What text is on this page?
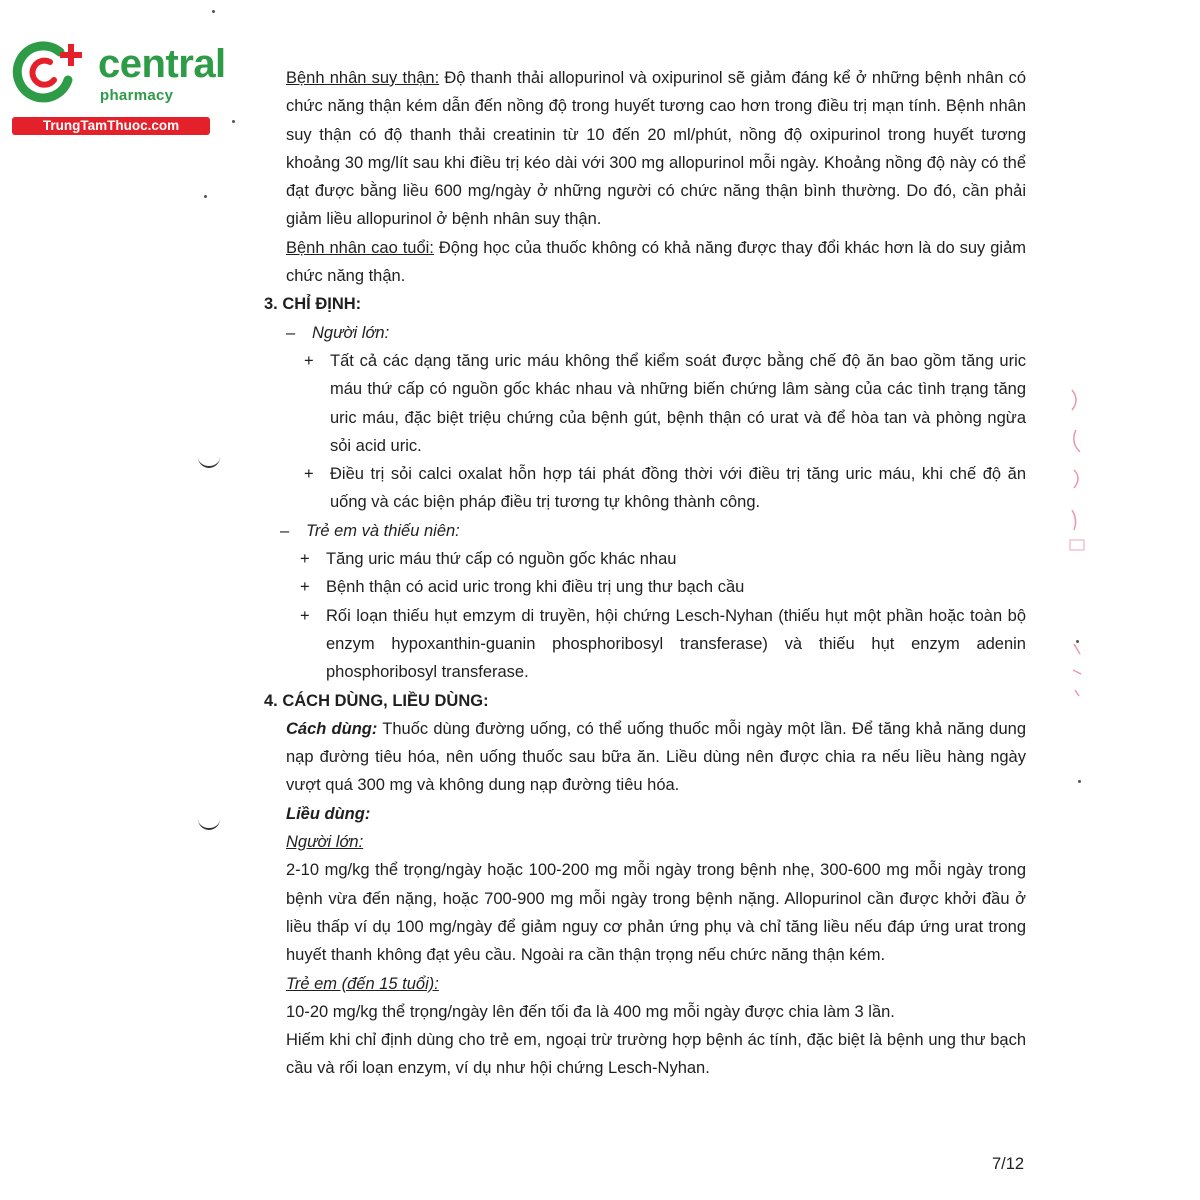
central
pharmacy
TrungTamThuoc.com

Bệnh nhân suy thận: Độ thanh thải allopurinol và oxipurinol sẽ giảm đáng kể ở những bệnh nhân có chức năng thận kém dẫn đến nồng độ trong huyết tương cao hơn trong điều trị mạn tính. Bệnh nhân suy thận có độ thanh thải creatinin từ 10 đến 20 ml/phút, nồng độ oxipurinol trong huyết tương khoảng 30 mg/lít sau khi điều trị kéo dài với 300 mg allopurinol mỗi ngày. Khoảng nồng độ này có thể đạt được bằng liều 600 mg/ngày ở những người có chức năng thận bình thường. Do đó, cần phải giảm liều allopurinol ở bệnh nhân suy thận.

Bệnh nhân cao tuổi: Động học của thuốc không có khả năng được thay đổi khác hơn là do suy giảm chức năng thận.

3. CHỈ ĐỊNH:

–	Người lớn:

+ Tất cả các dạng tăng uric máu không thể kiểm soát được bằng chế độ ăn bao gồm tăng uric máu thứ cấp có nguồn gốc khác nhau và những biến chứng lâm sàng của các tình trạng tăng uric máu, đặc biệt triệu chứng của bệnh gút, bệnh thận có urat và để hòa tan và phòng ngừa sỏi acid uric.

+ Điều trị sỏi calci oxalat hỗn hợp tái phát đồng thời với điều trị tăng uric máu, khi chế độ ăn uống và các biện pháp điều trị tương tự không thành công.

–	Trẻ em và thiếu niên:

+ Tăng uric máu thứ cấp có nguồn gốc khác nhau

+ Bệnh thận có acid uric trong khi điều trị ung thư bạch cầu

+ Rối loạn thiếu hụt emzym di truyền, hội chứng Lesch-Nyhan (thiếu hụt một phần hoặc toàn bộ enzym hypoxanthin-guanin phosphoribosyl transferase) và thiếu hụt enzym adenin phosphoribosyl transferase.

4. CÁCH DÙNG, LIỀU DÙNG:

Cách dùng: Thuốc dùng đường uống, có thể uống thuốc mỗi ngày một lần. Để tăng khả năng dung nạp đường tiêu hóa, nên uống thuốc sau bữa ăn. Liều dùng nên được chia ra nếu liều hàng ngày vượt quá 300 mg và không dung nạp đường tiêu hóa.

Liều dùng:

Người lớn:

2-10 mg/kg thể trọng/ngày hoặc 100-200 mg mỗi ngày trong bệnh nhẹ, 300-600 mg mỗi ngày trong bệnh vừa đến nặng, hoặc 700-900 mg mỗi ngày trong bệnh nặng. Allopurinol cần được khởi đầu ở liều thấp ví dụ 100 mg/ngày để giảm nguy cơ phản ứng phụ và chỉ tăng liều nếu đáp ứng urat trong huyết thanh không đạt yêu cầu. Ngoài ra cần thận trọng nếu chức năng thận kém.

Trẻ em (đến 15 tuổi):

10-20 mg/kg thể trọng/ngày lên đến tối đa là 400 mg mỗi ngày được chia làm 3 lần.

Hiếm khi chỉ định dùng cho trẻ em, ngoại trừ trường hợp bệnh ác tính, đặc biệt là bệnh ung thư bạch cầu và rối loạn enzym, ví dụ như hội chứng Lesch-Nyhan.

7/12
